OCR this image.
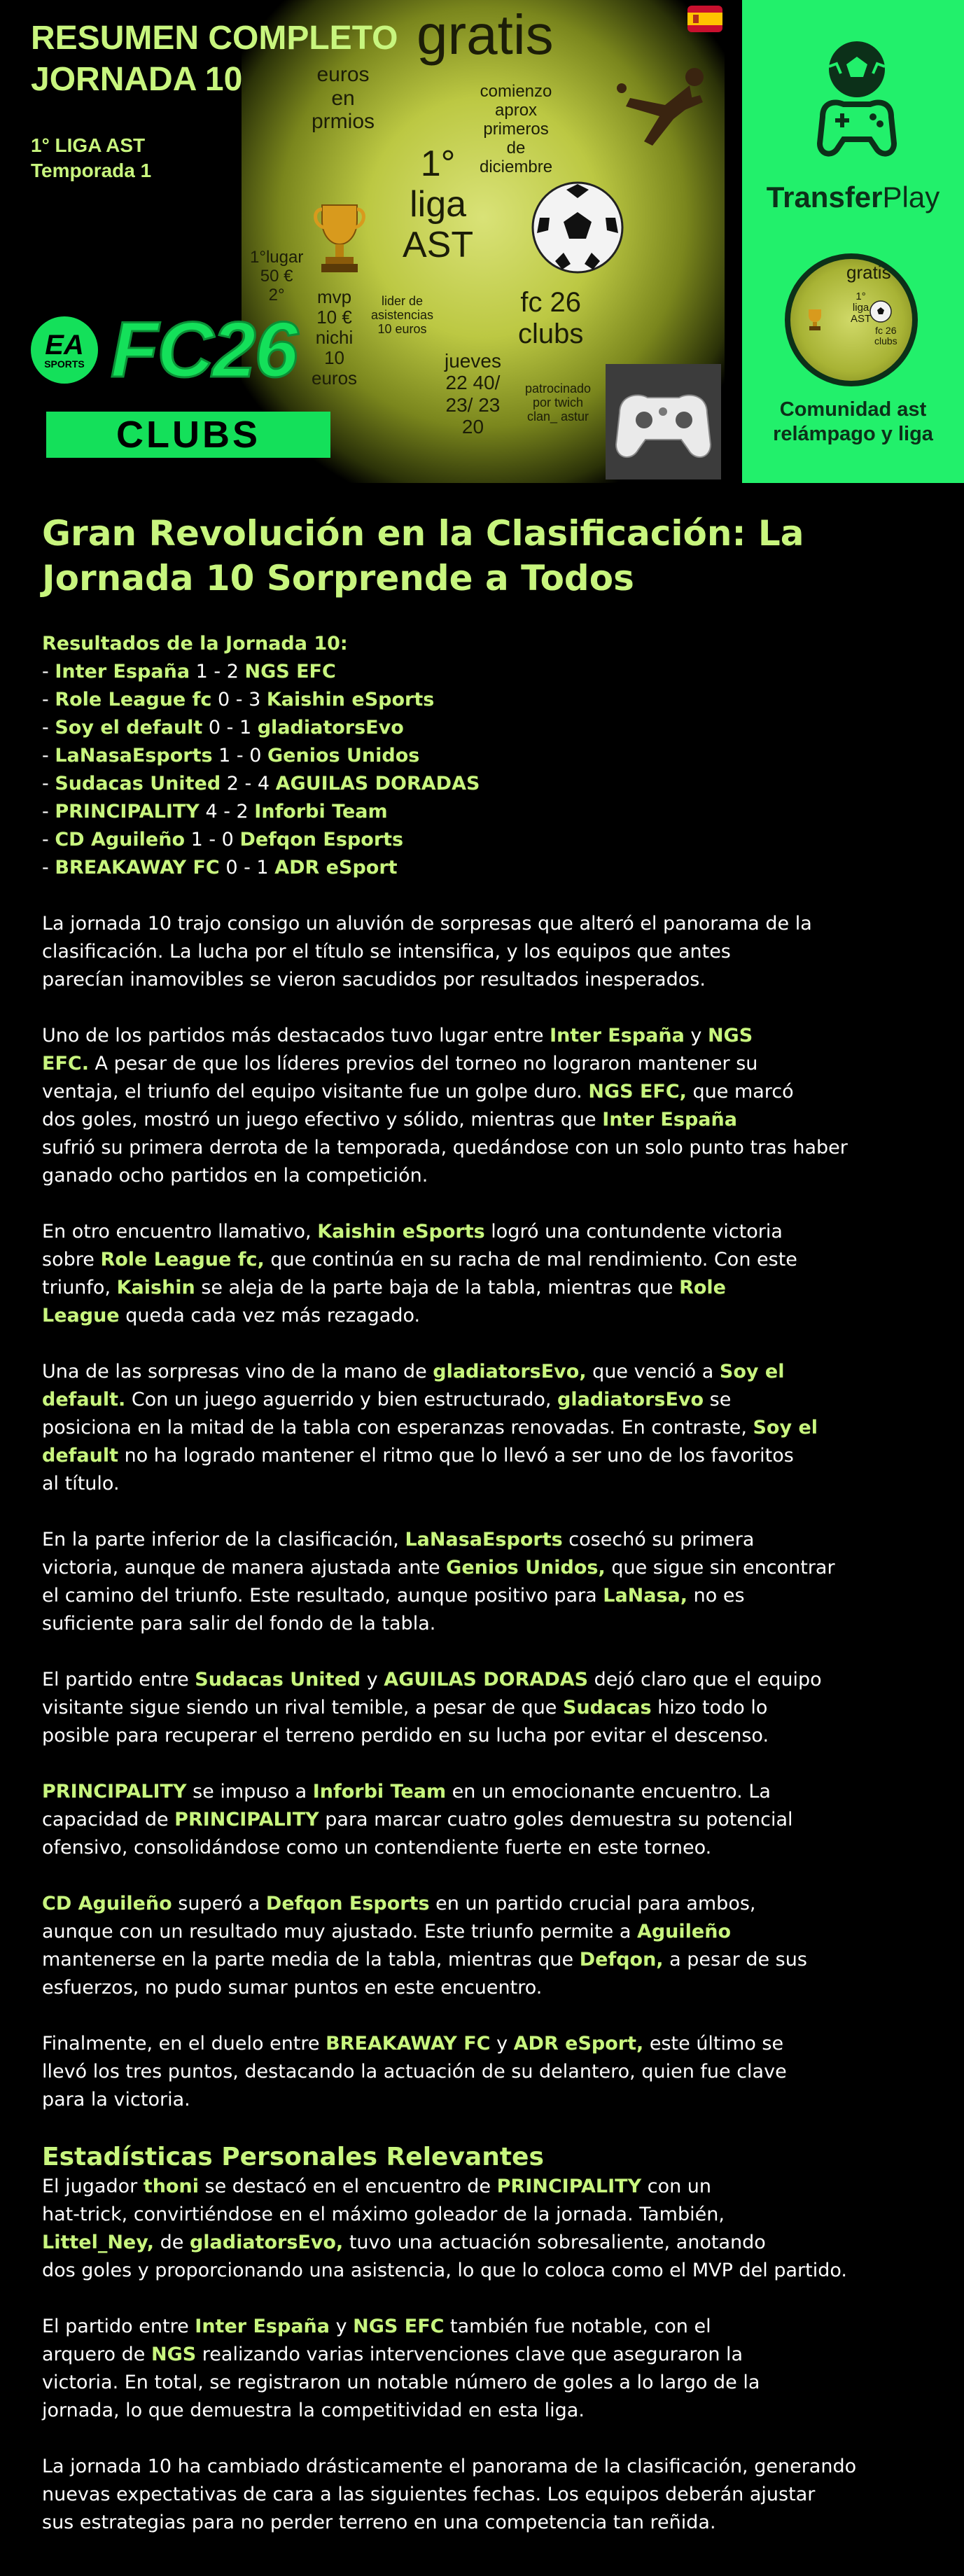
gratis
euros
en
prmios
comienzo
aprox
primeros
de
diciembre
1°
liga
AST
1°lugar
50 €
2°	mvp
10 €
nichi
10
euros
lider de
asistencias
10 euros
fc 26
clubs
jueves
22 40/
23/ 23
20
patrocinado
por twich
clan_ astur
RESUMEN COMPLETO
JORNADA 10
1° LIGA AST
Temporada 1
EA
SPORTS FC26
CLUBS
TransferPlay
gratis
1°
liga
AST
fc 26
clubs
Comunidad ast
relámpago y liga
Gran Revolución en la Clasificación: La Jornada 10 Sorprende a Todos
Resultados de la Jornada 10:
- Inter España 1 - 2 NGS EFC
- Role League fc 0 - 3 Kaishin eSports
- Soy el default 0 - 1 gladiatorsEvo
- LaNasaEsports 1 - 0 Genios Unidos
- Sudacas United 2 - 4 AGUILAS DORADAS
- PRINCIPALITY 4 - 2 Inforbi Team
- CD Aguileño 1 - 0 Defqon Esports
- BREAKAWAY FC 0 - 1 ADR eSport
La jornada 10 trajo consigo un aluvión de sorpresas que alteró el panorama de la
clasificación. La lucha por el título se intensifica, y los equipos que antes
parecían inamovibles se vieron sacudidos por resultados inesperados.
Uno de los partidos más destacados tuvo lugar entre Inter España y NGS
EFC. A pesar de que los líderes previos del torneo no lograron mantener su
ventaja, el triunfo del equipo visitante fue un golpe duro. NGS EFC, que marcó
dos goles, mostró un juego efectivo y sólido, mientras que Inter España
sufrió su primera derrota de la temporada, quedándose con un solo punto tras haber
ganado ocho partidos en la competición.
En otro encuentro llamativo, Kaishin eSports logró una contundente victoria
sobre Role League fc, que continúa en su racha de mal rendimiento. Con este
triunfo, Kaishin se aleja de la parte baja de la tabla, mientras que Role
League queda cada vez más rezagado.
Una de las sorpresas vino de la mano de gladiatorsEvo, que venció a Soy el
default. Con un juego aguerrido y bien estructurado, gladiatorsEvo se
posiciona en la mitad de la tabla con esperanzas renovadas. En contraste, Soy el
default no ha logrado mantener el ritmo que lo llevó a ser uno de los favoritos
al título.
En la parte inferior de la clasificación, LaNasaEsports cosechó su primera
victoria, aunque de manera ajustada ante Genios Unidos, que sigue sin encontrar
el camino del triunfo. Este resultado, aunque positivo para LaNasa, no es
suficiente para salir del fondo de la tabla.
El partido entre Sudacas United y AGUILAS DORADAS dejó claro que el equipo
visitante sigue siendo un rival temible, a pesar de que Sudacas hizo todo lo
posible para recuperar el terreno perdido en su lucha por evitar el descenso.
PRINCIPALITY se impuso a Inforbi Team en un emocionante encuentro. La
capacidad de PRINCIPALITY para marcar cuatro goles demuestra su potencial
ofensivo, consolidándose como un contendiente fuerte en este torneo.
CD Aguileño superó a Defqon Esports en un partido crucial para ambos,
aunque con un resultado muy ajustado. Este triunfo permite a Aguileño
mantenerse en la parte media de la tabla, mientras que Defqon, a pesar de sus
esfuerzos, no pudo sumar puntos en este encuentro.
Finalmente, en el duelo entre BREAKAWAY FC y ADR eSport, este último se
llevó los tres puntos, destacando la actuación de su delantero, quien fue clave
para la victoria.
Estadísticas Personales Relevantes
El jugador thoni se destacó en el encuentro de PRINCIPALITY con un
hat-trick, convirtiéndose en el máximo goleador de la jornada. También,
Littel_Ney, de gladiatorsEvo, tuvo una actuación sobresaliente, anotando
dos goles y proporcionando una asistencia, lo que lo coloca como el MVP del partido.
El partido entre Inter España y NGS EFC también fue notable, con el
arquero de NGS realizando varias intervenciones clave que aseguraron la
victoria. En total, se registraron un notable número de goles a lo largo de la
jornada, lo que demuestra la competitividad en esta liga.
La jornada 10 ha cambiado drásticamente el panorama de la clasificación, generando
nuevas expectativas de cara a las siguientes fechas. Los equipos deberán ajustar
sus estrategias para no perder terreno en una competencia tan reñida.
